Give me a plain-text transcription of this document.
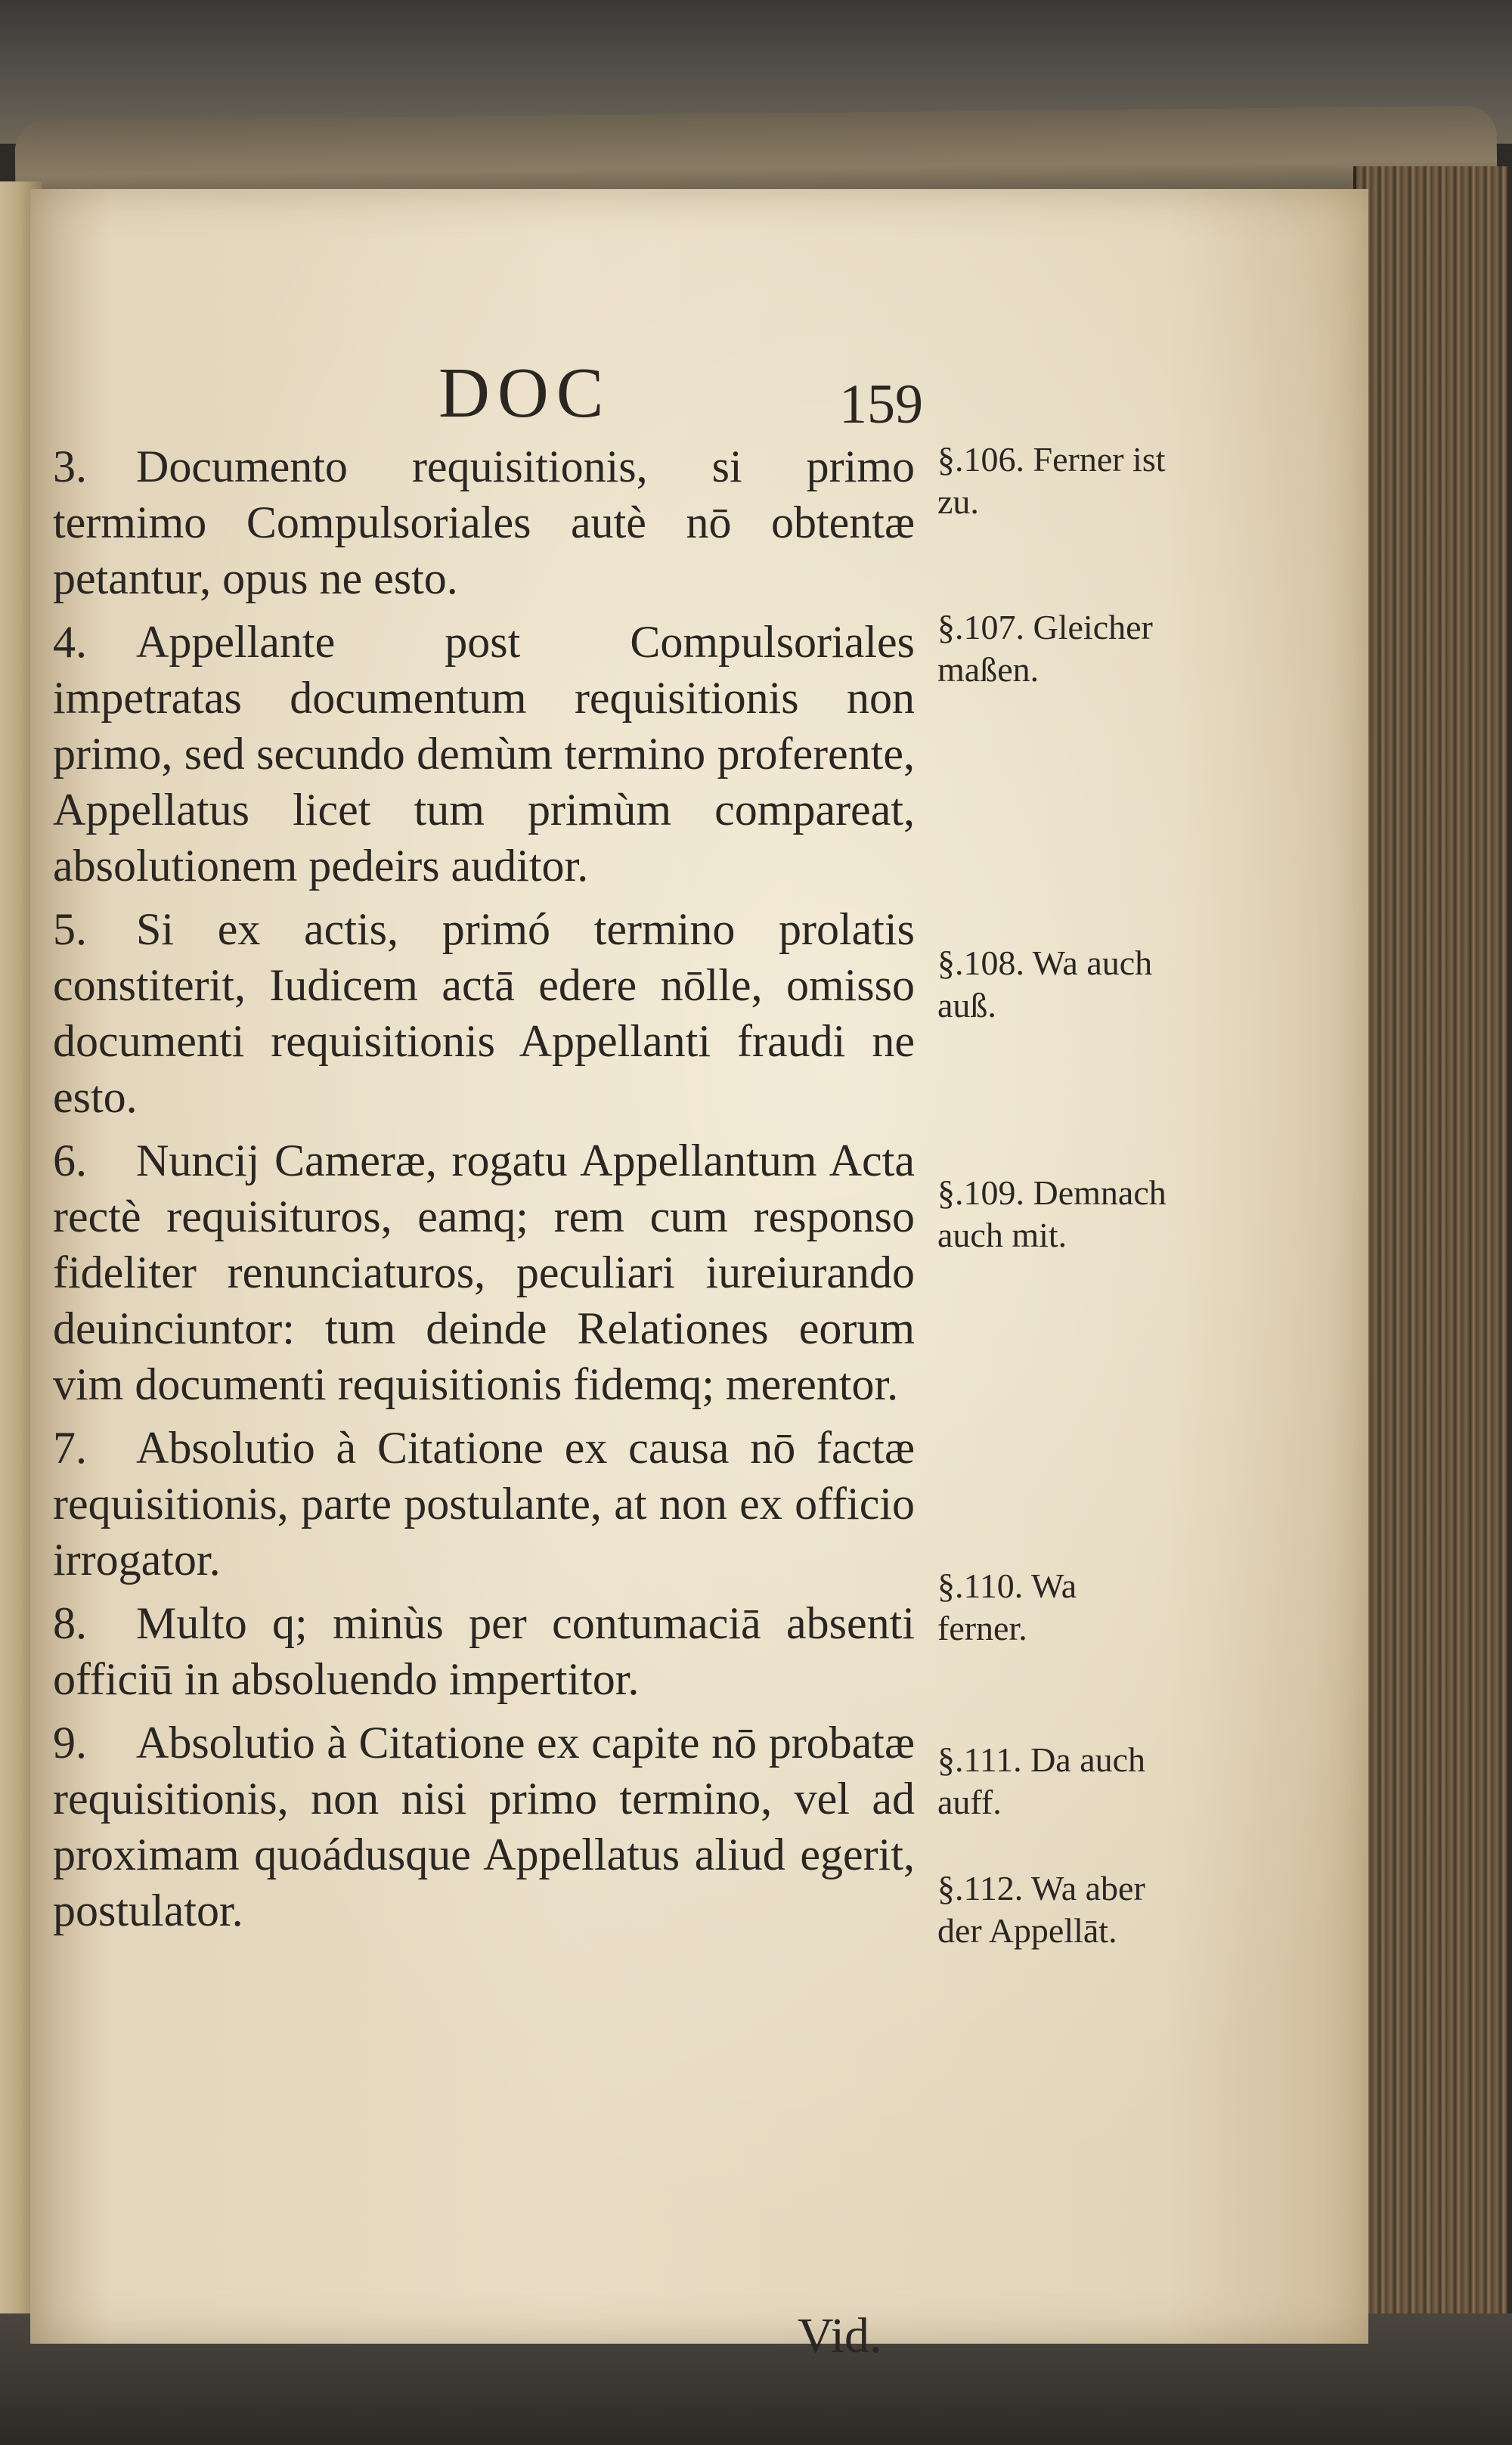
DOC	159

3. Documento requisitionis, si primo termimo Compulsoriales autè nō obtentæ petantur, opus ne esto.

4. Appellante post Compulsoriales impetratas documentum requisitionis non primo, sed secundo demùm termino proferente, Appellatus licet tum primùm compareat, absolutionem pedeirs auditor.

5. Si ex actis, primó termino prolatis constiterit, Iudicem actā edere nōlle, omisso documenti requisitionis Appellanti fraudi ne esto.

6. Nuncij Cameræ, rogatu Appellantum Acta rectè requisituros, eamq; rem cum responso fideliter renunciaturos, peculiari iureiurando deuinciuntor: tum deinde Relationes eorum vim documenti requisitionis fidemq; merentor.

7. Absolutio à Citatione ex causa nō factæ requisitionis, parte postulante, at non ex officio irrogator.

8. Multo q; minùs per contumaciā absenti officiū in absoluendo impertitor.

9. Absolutio à Citatione ex capite nō probatæ requisitionis, non nisi primo termino, vel ad proximam quoádusque Appellatus aliud egerit, postulator.

§.106. Ferner ist zu.
§.107. Gleicher maßen.
§.108. Wa auch auß.
§.109. Demnach auch mit.
§.110. Wa ferner.
§.111. Da auch auff.
§.112. Wa aber der Appellāt.
Vid.
